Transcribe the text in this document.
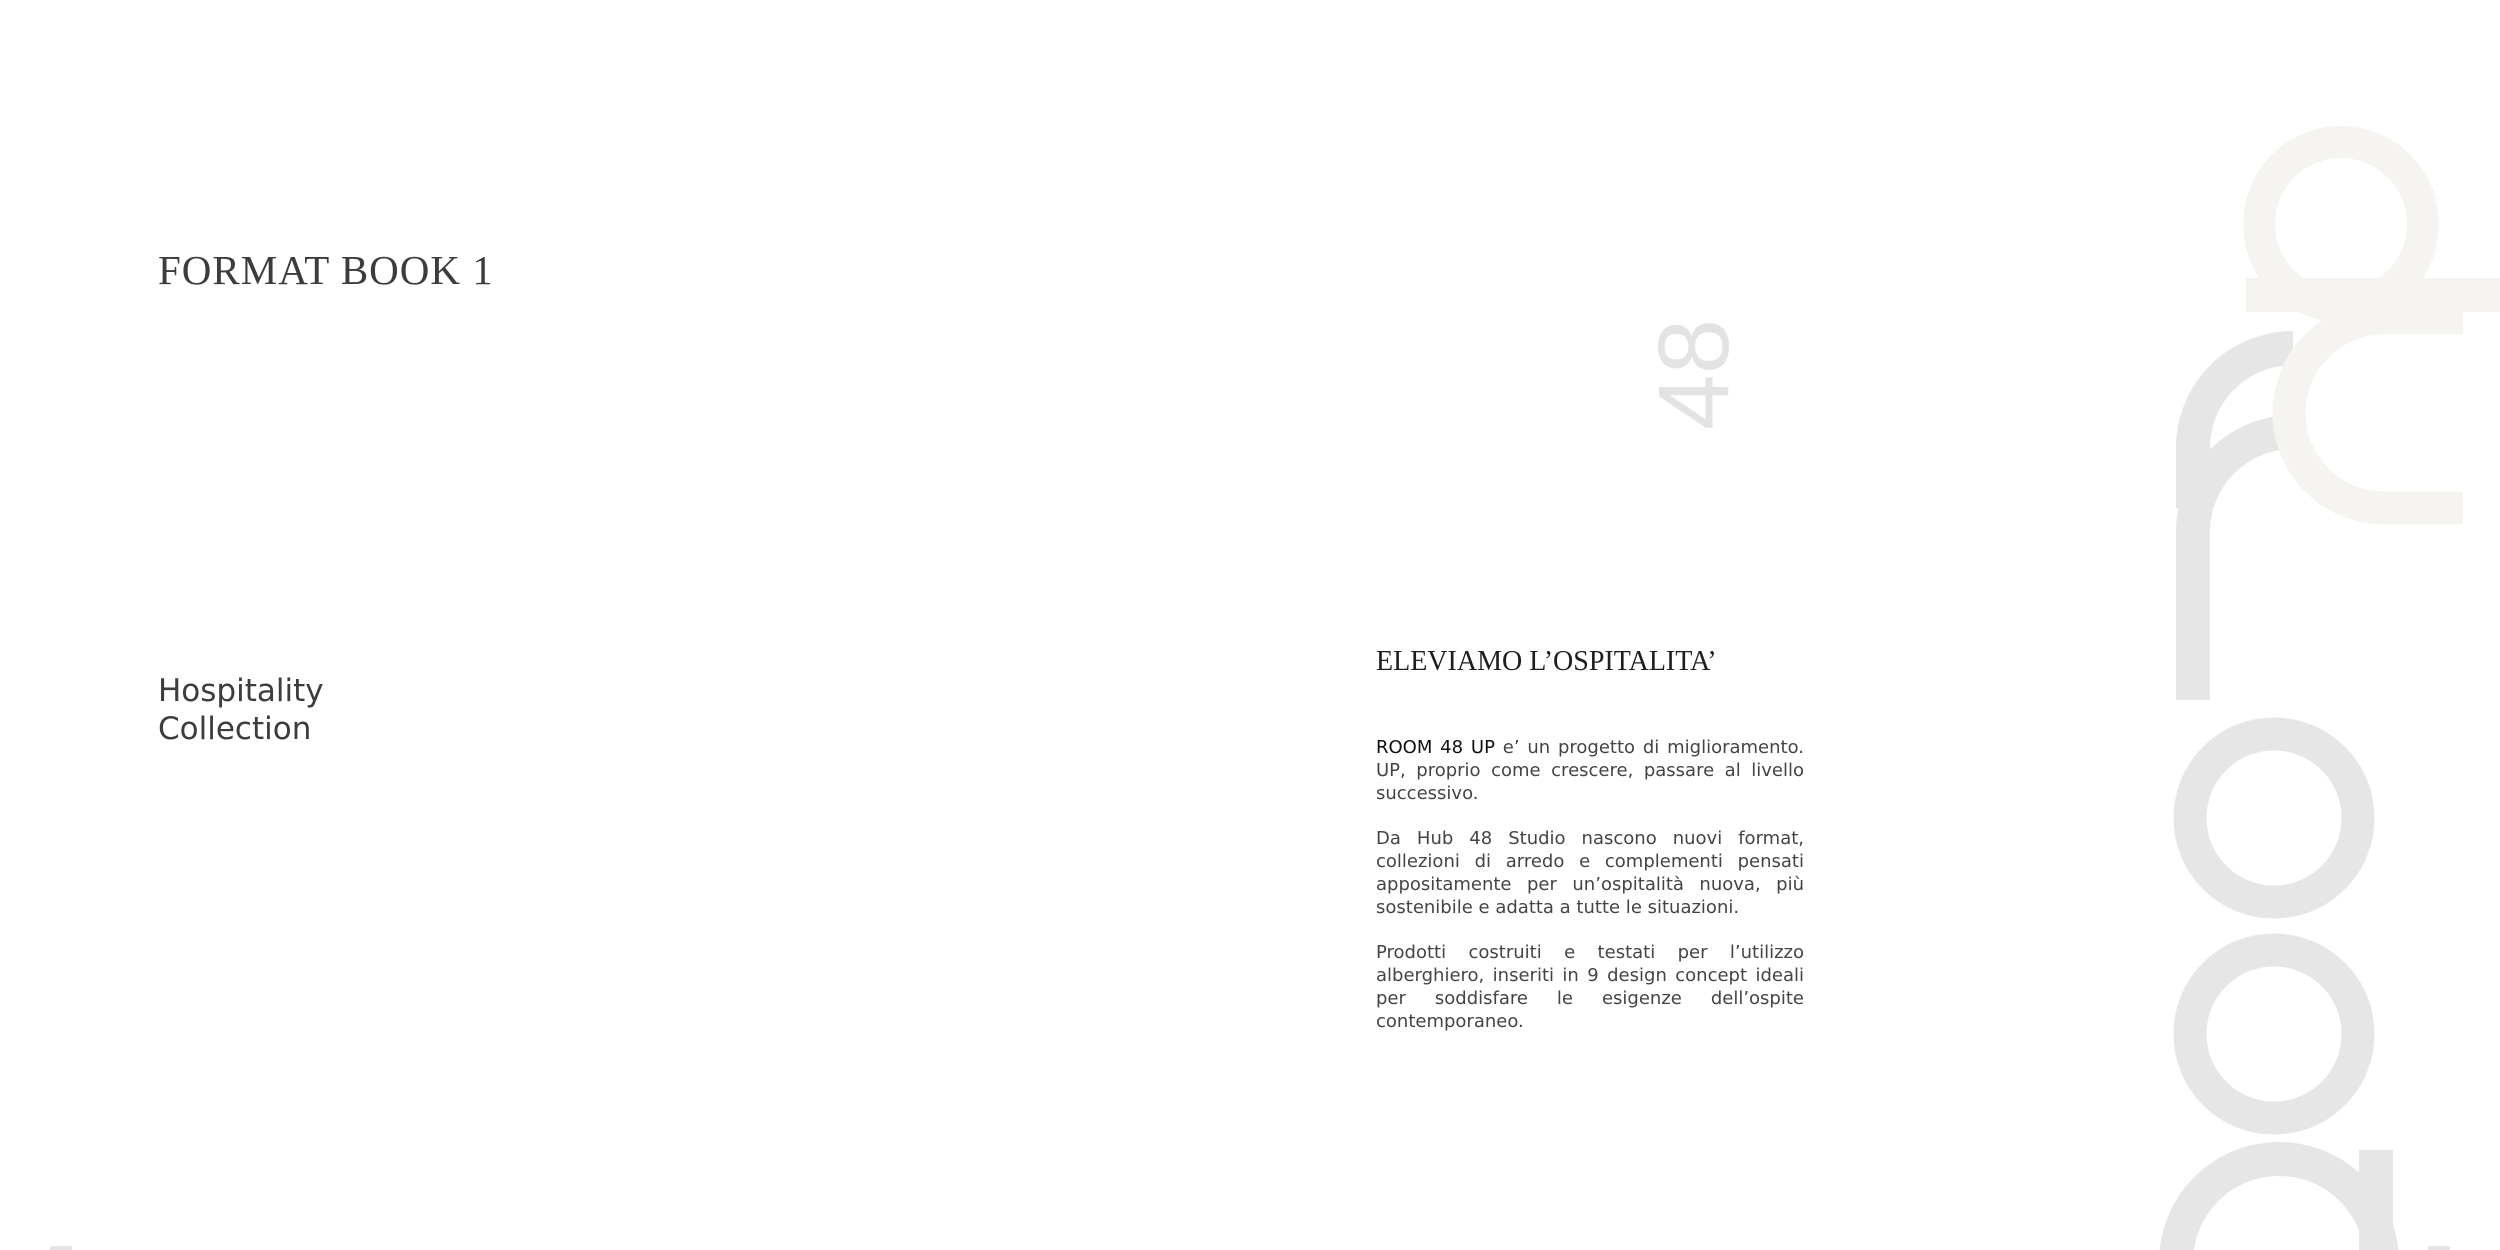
FORMAT BOOK 1
Hospitality
Collection
ELEVIAMO L’OSPITALITA’

ROOM 48 UP e’ un progetto di miglioramento. UP, proprio come crescere, passare al livello successivo.

Da Hub 48 Studio nascono nuovi format, collezioni di arredo e complementi pensati appositamente per un’ospitalità nuova, più sostenibile e adatta a tutte le situazioni.

Prodotti costruiti e testati per l’utilizzo alberghiero, inseriti in 9 design concept ideali per soddisfare le esigenze dell’ospite contemporaneo.

48
